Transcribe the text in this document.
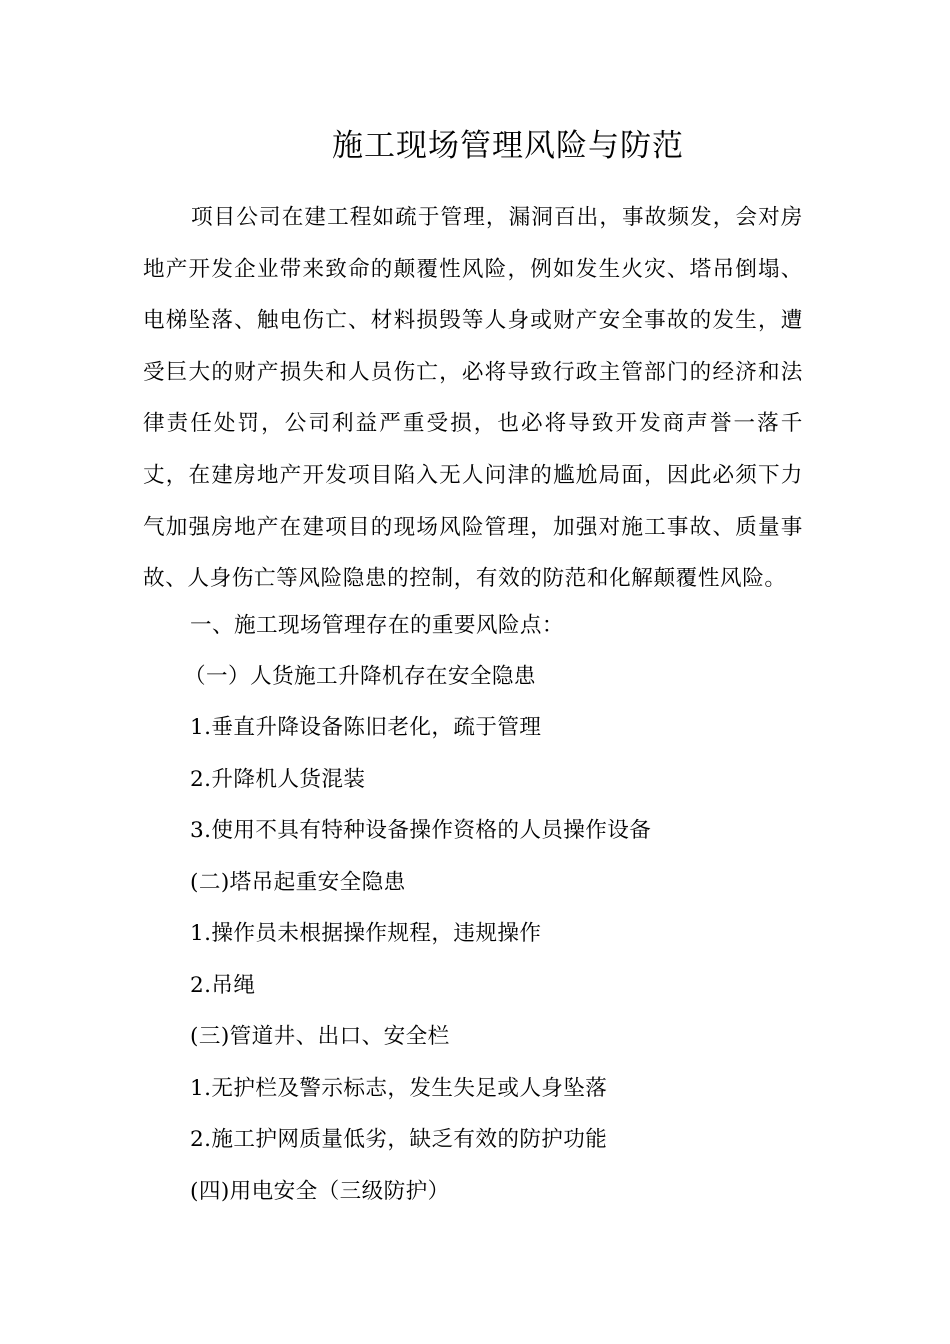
施工现场管理风险与防范

项目公司在建工程如疏于管理，漏洞百出，事故频发，会对房地产开发企业带来致命的颠覆性风险，例如发生火灾、塔吊倒塌、电梯坠落、触电伤亡、材料损毁等人身或财产安全事故的发生，遭受巨大的财产损失和人员伤亡，必将导致行政主管部门的经济和法律责任处罚，公司利益严重受损，也必将导致开发商声誉一落千丈，在建房地产开发项目陷入无人问津的尴尬局面，因此必须下力气加强房地产在建项目的现场风险管理，加强对施工事故、质量事故、人身伤亡等风险隐患的控制，有效的防范和化解颠覆性风险。

一、施工现场管理存在的重要风险点：
（一）人货施工升降机存在安全隐患
1.垂直升降设备陈旧老化，疏于管理
2.升降机人货混装
3.使用不具有特种设备操作资格的人员操作设备
(二)塔吊起重安全隐患
1.操作员未根据操作规程，违规操作
2.吊绳
(三)管道井、出口、安全栏
1.无护栏及警示标志，发生失足或人身坠落
2.施工护网质量低劣，缺乏有效的防护功能
(四)用电安全（三级防护）
